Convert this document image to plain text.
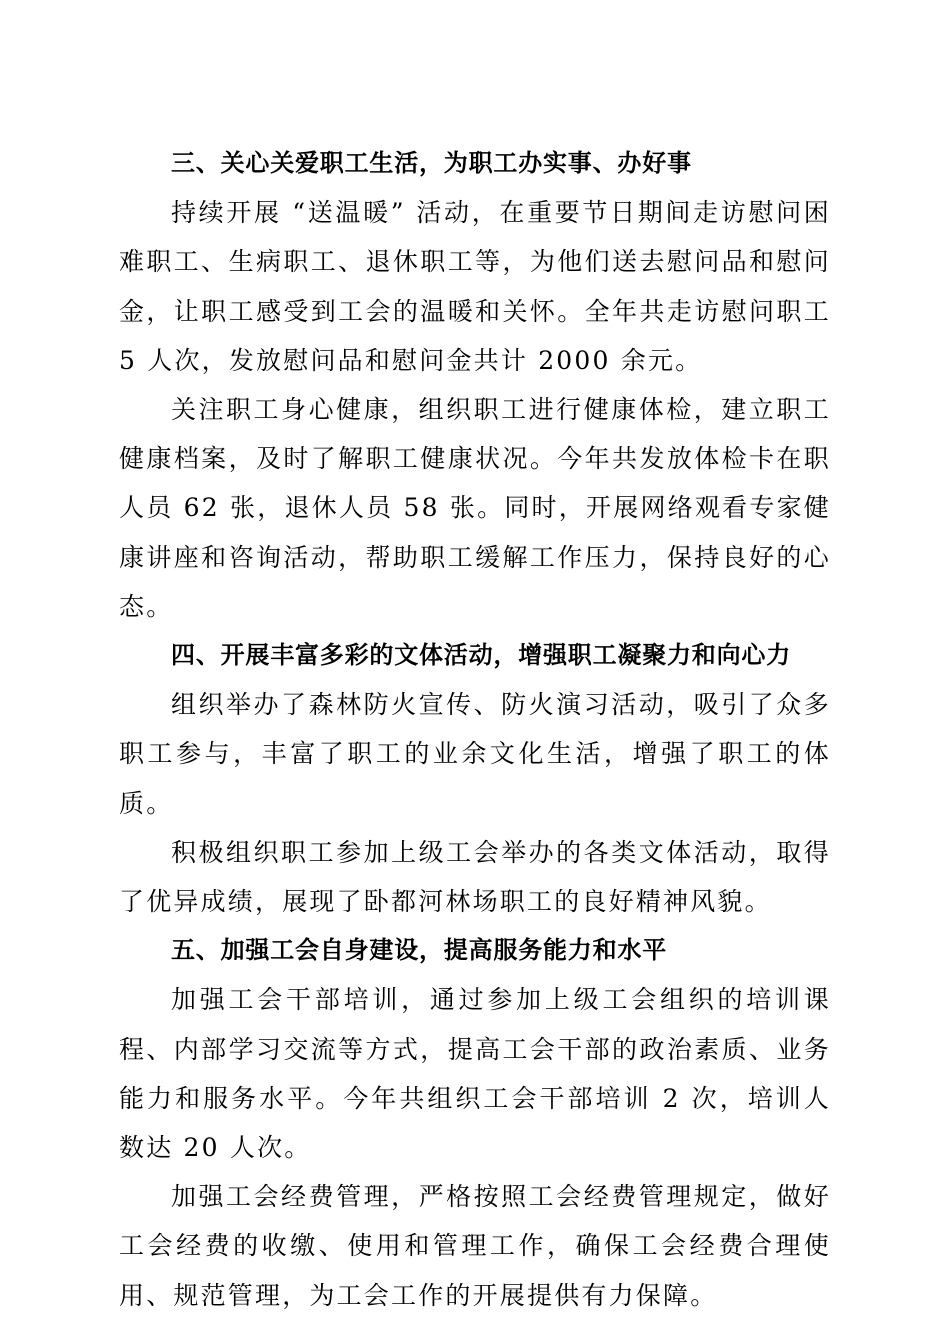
三、关心关爱职工生活，为职工办实事、办好事

持续开展 “送温暖” 活动，在重要节日期间走访慰问困难职工、生病职工、退休职工等，为他们送去慰问品和慰问金，让职工感受到工会的温暖和关怀。全年共走访慰问职工 5 人次，发放慰问品和慰问金共计 2000 余元。

关注职工身心健康，组织职工进行健康体检，建立职工健康档案，及时了解职工健康状况。今年共发放体检卡在职人员 62 张，退休人员 58 张。同时，开展网络观看专家健康讲座和咨询活动，帮助职工缓解工作压力，保持良好的心态。

四、开展丰富多彩的文体活动，增强职工凝聚力和向心力

组织举办了森林防火宣传、防火演习活动，吸引了众多职工参与，丰富了职工的业余文化生活，增强了职工的体质。

积极组织职工参加上级工会举办的各类文体活动，取得了优异成绩，展现了卧都河林场职工的良好精神风貌。

五、加强工会自身建设，提高服务能力和水平

加强工会干部培训，通过参加上级工会组织的培训课程、内部学习交流等方式，提高工会干部的政治素质、业务能力和服务水平。今年共组织工会干部培训 2 次，培训人数达 20 人次。

加强工会经费管理，严格按照工会经费管理规定，做好工会经费的收缴、使用和管理工作，确保工会经费合理使用、规范管理，为工会工作的开展提供有力保障。
